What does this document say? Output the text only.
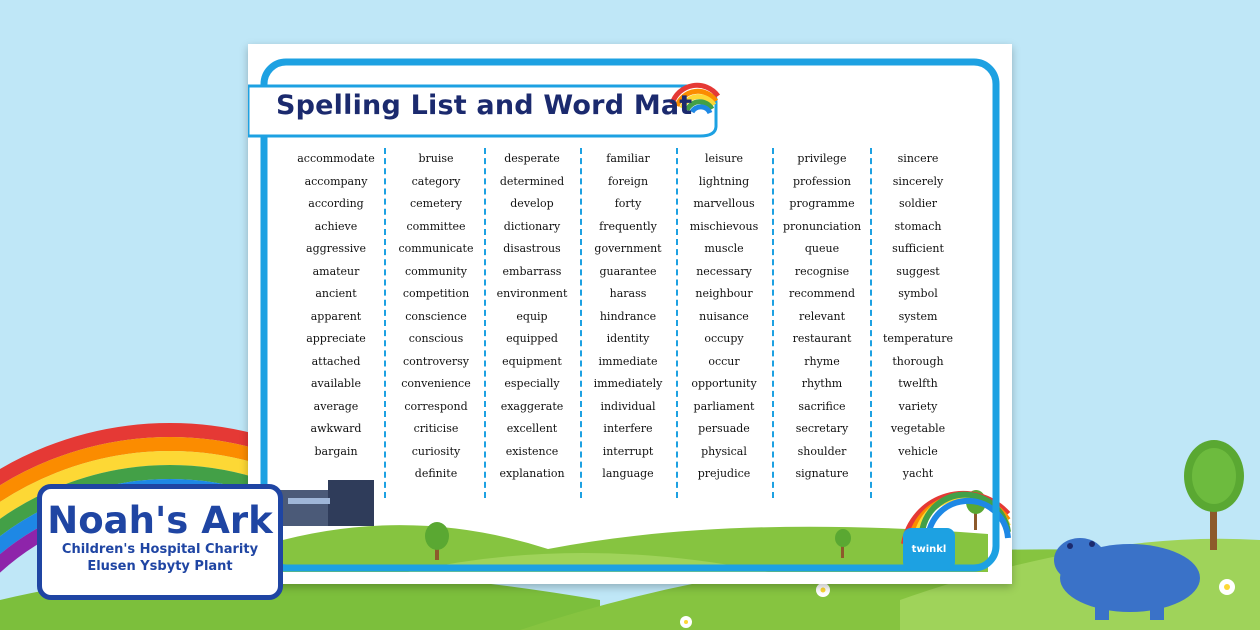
Spelling List and Word Mat
accommodate
accompany
according
achieve
aggressive
amateur
ancient
apparent
appreciate
attached
available
average
awkward
bargain
bruise
category
cemetery
committee
communicate
community
competition
conscience
conscious
controversy
convenience
correspond
criticise
curiosity
definite
desperate
determined
develop
dictionary
disastrous
embarrass
environment
equip
equipped
equipment
especially
exaggerate
excellent
existence
explanation
familiar
foreign
forty
frequently
government
guarantee
harass
hindrance
identity
immediate
immediately
individual
interfere
interrupt
language
leisure
lightning
marvellous
mischievous
muscle
necessary
neighbour
nuisance
occupy
occur
opportunity
parliament
persuade
physical
prejudice
privilege
profession
programme
pronunciation
queue
recognise
recommend
relevant
restaurant
rhyme
rhythm
sacrifice
secretary
shoulder
signature
sincere
sincerely
soldier
stomach
sufficient
suggest
symbol
system
temperature
thorough
twelfth
variety
vegetable
vehicle
yacht
Noah's Ark
Children's Hospital Charity
Elusen Ysbyty Plant
twinkl
